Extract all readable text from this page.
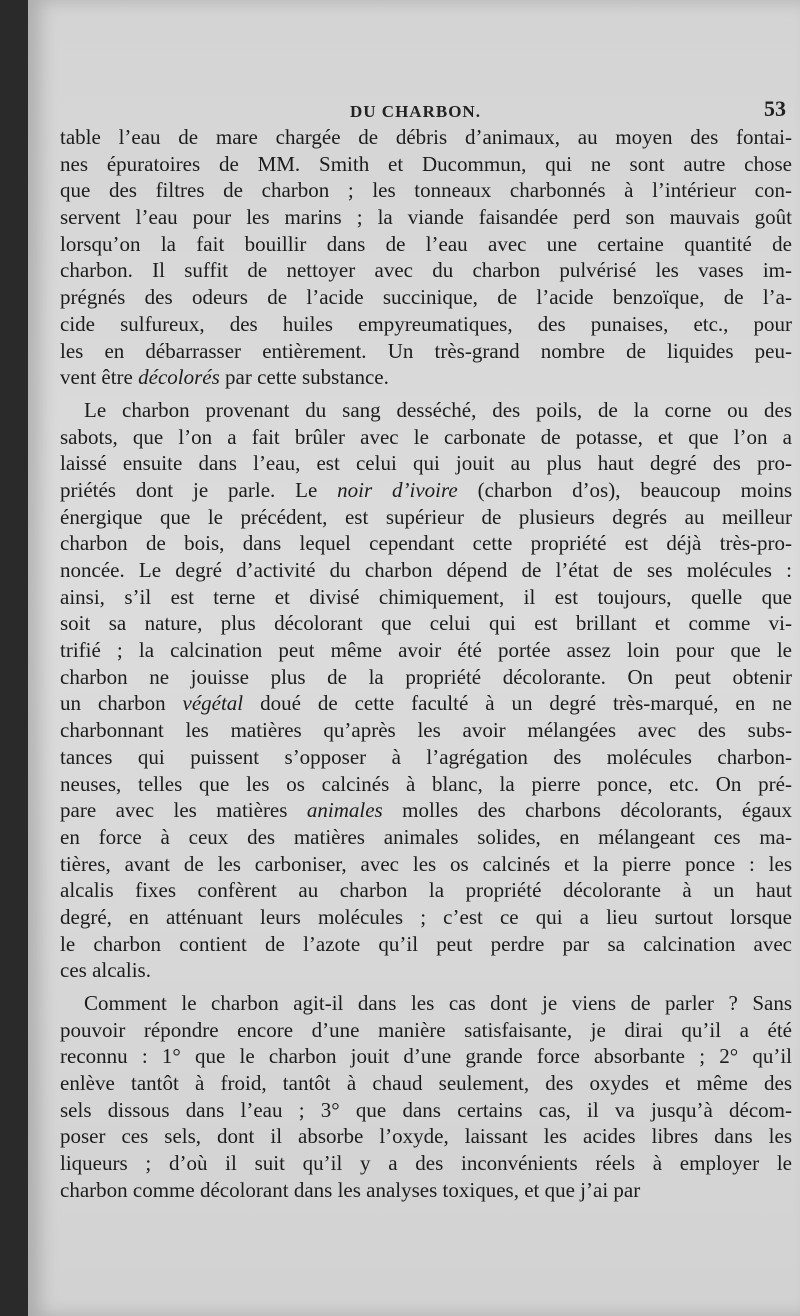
DU CHARBON.	53
table l’eau de mare chargée de débris d’animaux, au moyen des fontai-
nes épuratoires de MM. Smith et Ducommun, qui ne sont autre chose
que des filtres de charbon ; les tonneaux charbonnés à l’intérieur con-
servent l’eau pour les marins ; la viande faisandée perd son mauvais goût
lorsqu’on la fait bouillir dans de l’eau avec une certaine quantité de
charbon. Il suffit de nettoyer avec du charbon pulvérisé les vases im-
prégnés des odeurs de l’acide succinique, de l’acide benzoïque, de l’a-
cide sulfureux, des huiles empyreumatiques, des punaises, etc., pour
les en débarrasser entièrement. Un très-grand nombre de liquides peu-
vent être décolorés par cette substance.
Le charbon provenant du sang desséché, des poils, de la corne ou des
sabots, que l’on a fait brûler avec le carbonate de potasse, et que l’on a
laissé ensuite dans l’eau, est celui qui jouit au plus haut degré des pro-
priétés dont je parle. Le noir d’ivoire (charbon d’os), beaucoup moins
énergique que le précédent, est supérieur de plusieurs degrés au meilleur
charbon de bois, dans lequel cependant cette propriété est déjà très-pro-
noncée. Le degré d’activité du charbon dépend de l’état de ses molécules :
ainsi, s’il est terne et divisé chimiquement, il est toujours, quelle que
soit sa nature, plus décolorant que celui qui est brillant et comme vi-
trifié ; la calcination peut même avoir été portée assez loin pour que le
charbon ne jouisse plus de la propriété décolorante. On peut obtenir
un charbon végétal doué de cette faculté à un degré très-marqué, en ne
charbonnant les matières qu’après les avoir mélangées avec des subs-
tances qui puissent s’opposer à l’agrégation des molécules charbon-
neuses, telles que les os calcinés à blanc, la pierre ponce, etc. On pré-
pare avec les matières animales molles des charbons décolorants, égaux
en force à ceux des matières animales solides, en mélangeant ces ma-
tières, avant de les carboniser, avec les os calcinés et la pierre ponce : les
alcalis fixes confèrent au charbon la propriété décolorante à un haut
degré, en atténuant leurs molécules ; c’est ce qui a lieu surtout lorsque
le charbon contient de l’azote qu’il peut perdre par sa calcination avec
ces alcalis.
Comment le charbon agit-il dans les cas dont je viens de parler ? Sans
pouvoir répondre encore d’une manière satisfaisante, je dirai qu’il a été
reconnu : 1° que le charbon jouit d’une grande force absorbante ; 2° qu’il
enlève tantôt à froid, tantôt à chaud seulement, des oxydes et même des
sels dissous dans l’eau ; 3° que dans certains cas, il va jusqu’à décom-
poser ces sels, dont il absorbe l’oxyde, laissant les acides libres dans les
liqueurs ; d’où il suit qu’il y a des inconvénients réels à employer le
charbon comme décolorant dans les analyses toxiques, et que j’ai par
